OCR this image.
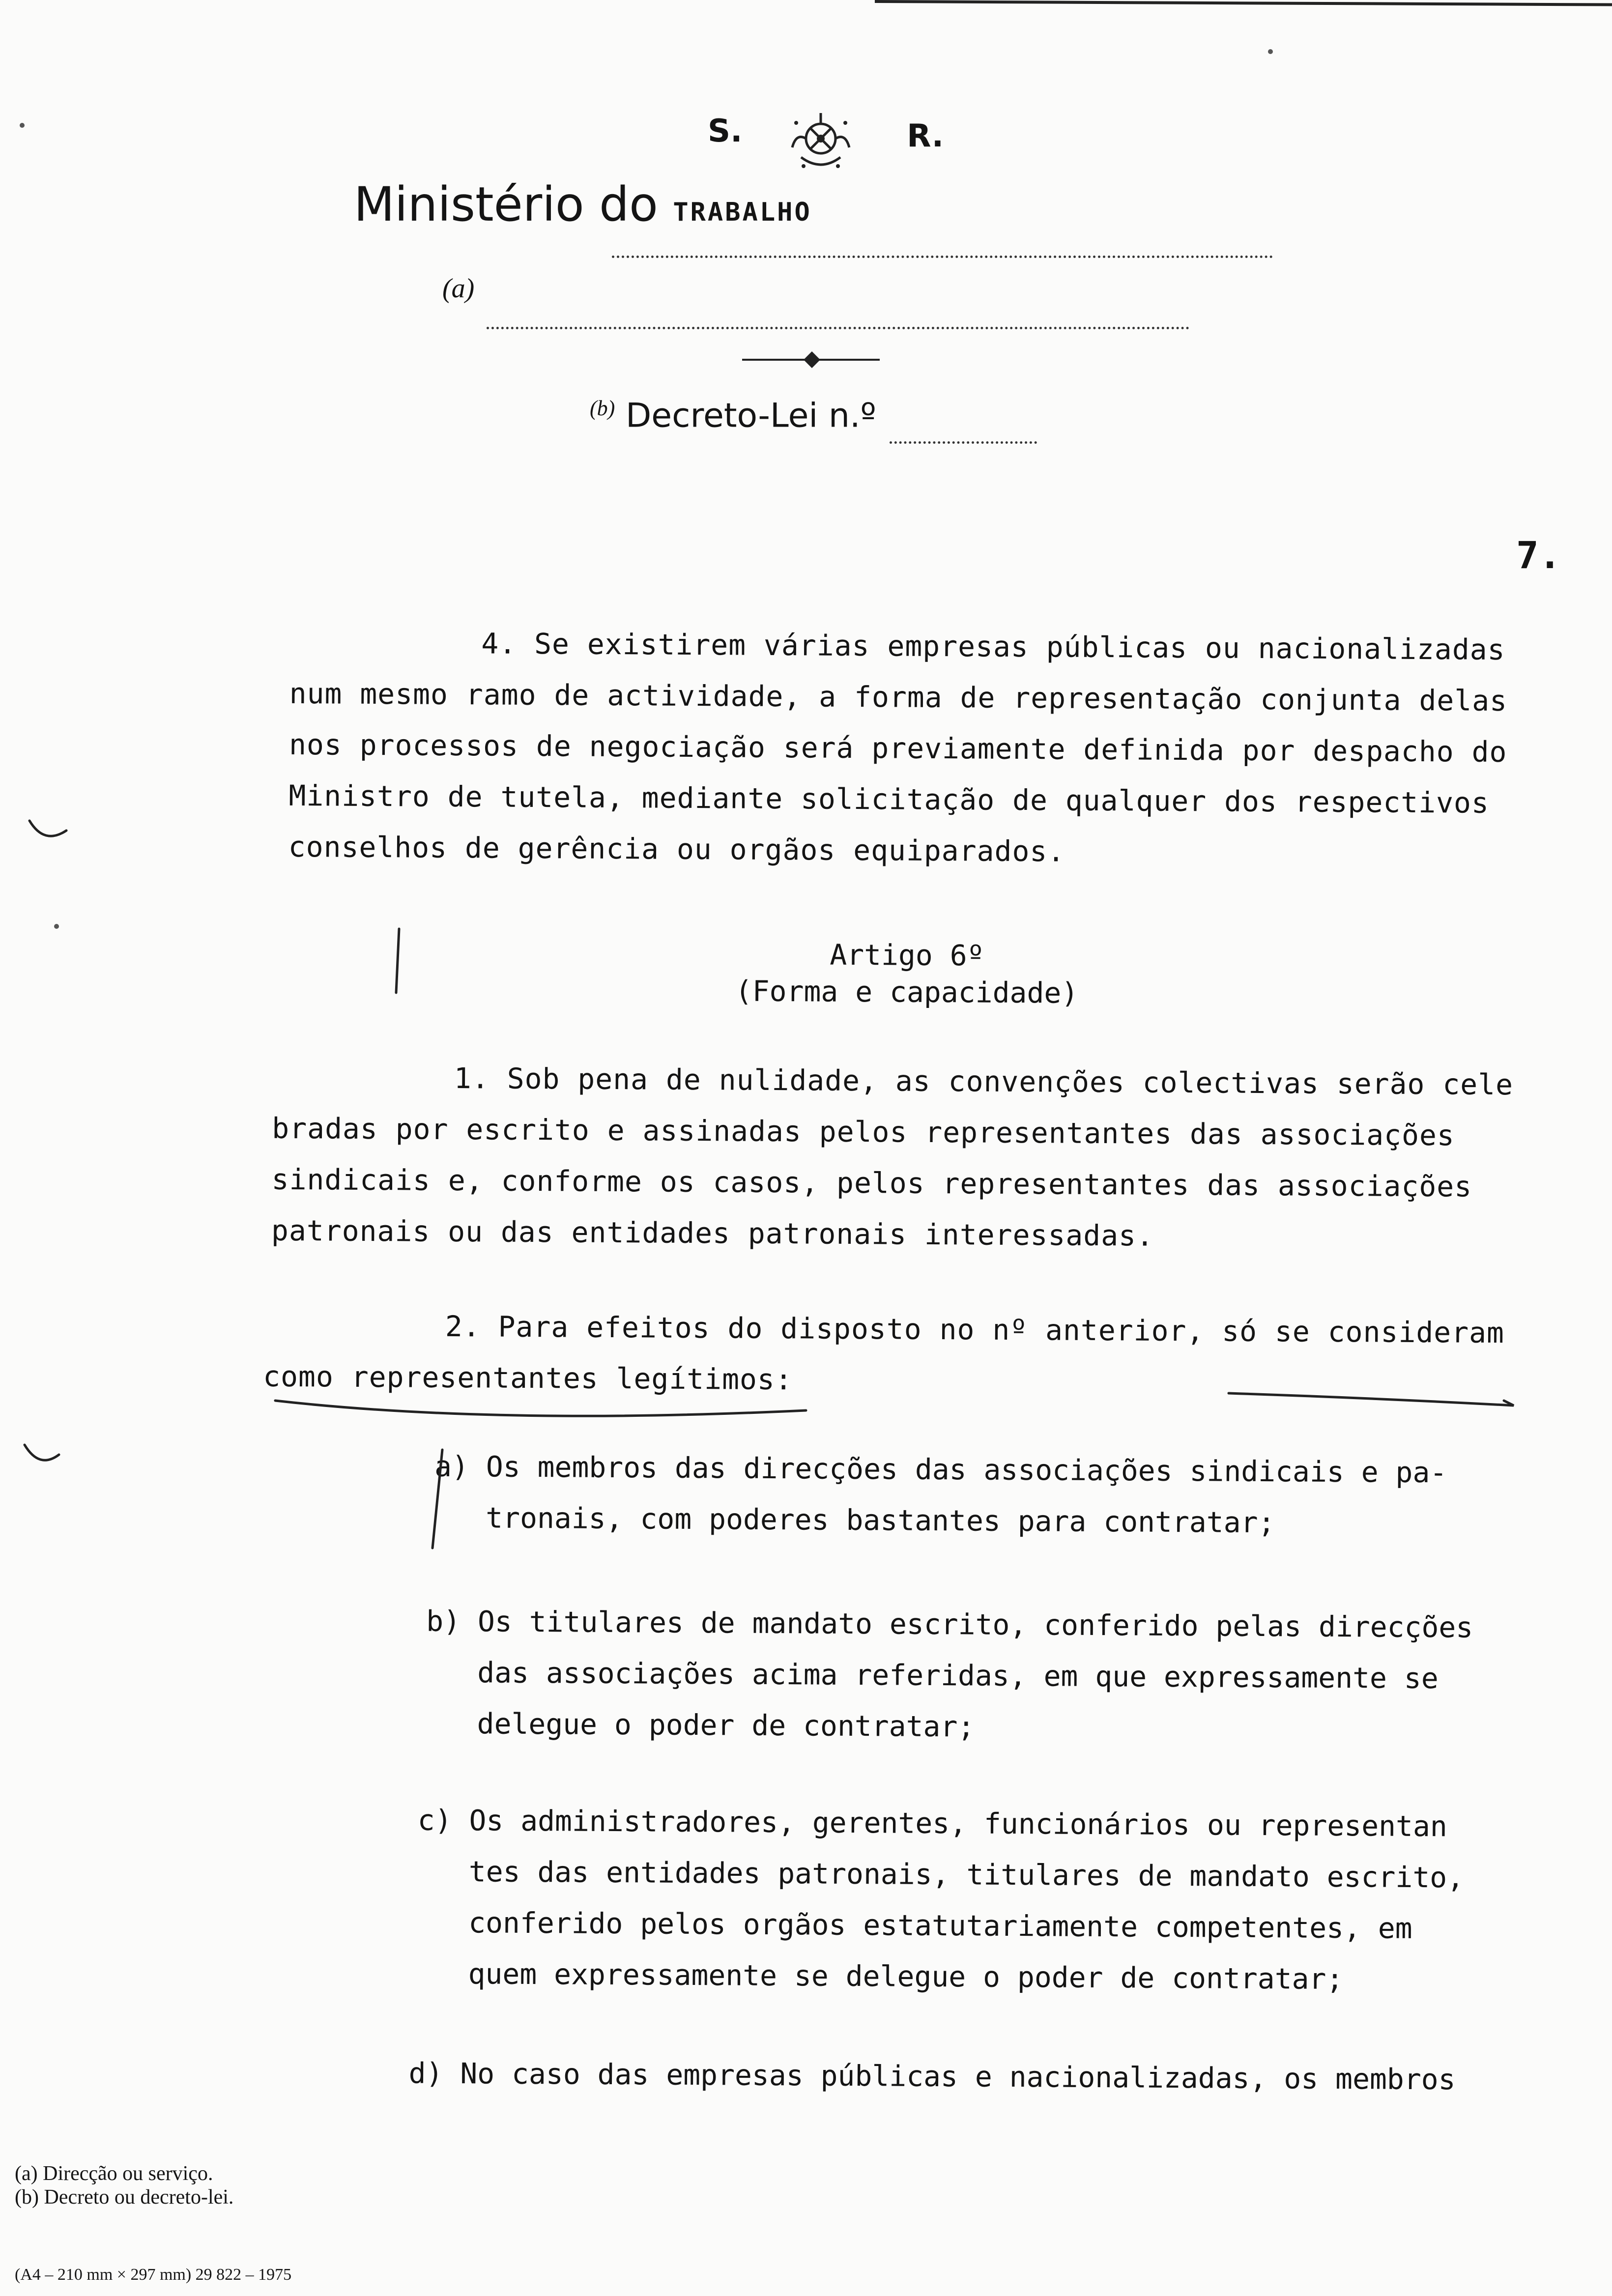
S.	R.
Ministério do TRABALHO
(a)
$^{(b)}$ Decreto-Lei n.º
7.
4. Se existirem várias empresas públicas ou nacionalizadas
num mesmo ramo de actividade, a forma de representação conjunta delas
nos processos de negociação será previamente definida por despacho do
Ministro de tutela, mediante solicitação de qualquer dos respectivos
conselhos de gerência ou orgãos equiparados.
Artigo 6º
(Forma e capacidade)
1. Sob pena de nulidade, as convenções colectivas serão cele
bradas por escrito e assinadas pelos representantes das associações
sindicais e, conforme os casos, pelos representantes das associações
patronais ou das entidades patronais interessadas.
2. Para efeitos do disposto no nº anterior, só se consideram
como representantes legítimos:
a) Os membros das direcções das associações sindicais e pa-
tronais, com poderes bastantes para contratar;
b) Os titulares de mandato escrito, conferido pelas direcções
das associações acima referidas, em que expressamente se
delegue o poder de contratar;
c) Os administradores, gerentes, funcionários ou representan
tes das entidades patronais, titulares de mandato escrito,
conferido pelos orgãos estatutariamente competentes, em
quem expressamente se delegue o poder de contratar;
d) No caso das empresas públicas e nacionalizadas, os membros
(a) Direcção ou serviço.
(b) Decreto ou decreto-lei.
(A4 – 210 mm × 297 mm) 29 822 – 1975
